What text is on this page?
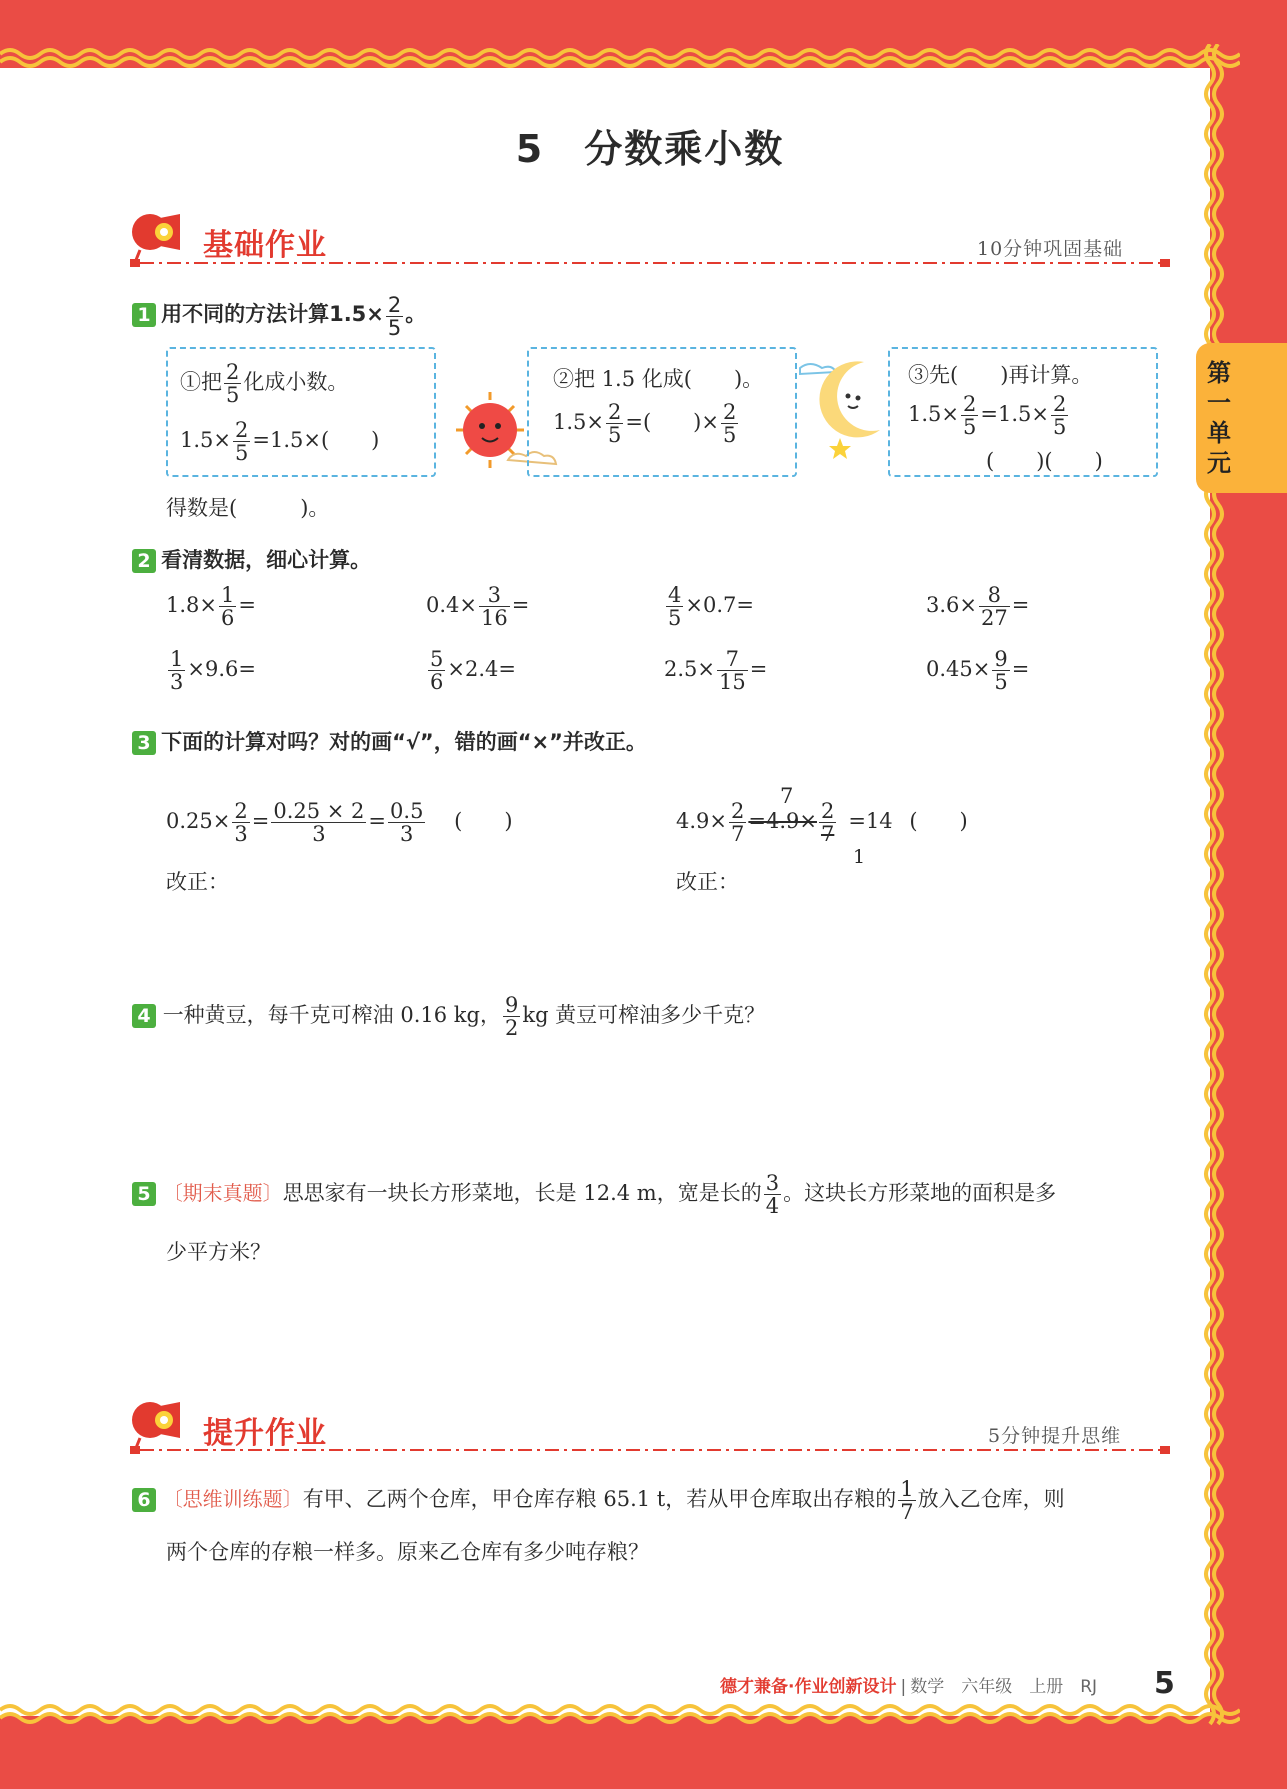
第
一
单
元
5　分数乘小数
基础作业	10分钟巩固基础
1 用不同的方法计算$1.5\times \frac{2}{5}$ 。
①把 $\frac{2}{5}$ 化成小数。
$1.5\times \frac{2}{5} =1.5\times$(　　)
②把 1.5 化成(　　)。
$1.5\times \frac{2}{5}$ =(　　)× $\frac{2}{5}$
③先(　　)再计算。
$1.5\times \frac{2}{5} =1.5\times \frac{2}{5}$
(　　)(　　)
得数是(　　　)。
2 看清数据，细心计算。
$1.8\times \frac{1}{6}$ =	$0.4\times \frac{3}{16}$ =	$\frac{4}{5} \times 0.7=$	$3.6\times \frac{8}{27}$ =
$\frac{1}{3} \times 9.6=$	$\frac{5}{6} \times 2.4=$	$2.5\times \frac{7}{15}$ =	$0.45\times \frac{9}{5}$ =
3 下面的计算对吗？对的画“√”，错的画“×”并改正。
$0.25\times \frac{2}{3} = \frac{0.25 \times 2}{3} = \frac{0.5}{3}$ (　　)
改正：
7
$4.9\times \frac{2}{7} =4.9\times \frac{2}{7} =14$ (　　)
1
改正：
4 一种黄豆，每千克可榨油 0.16 kg， $\frac{9}{2}$ kg 黄豆可榨油多少千克？
5 〔期末真题〕思思家有一块长方形菜地，长是 12.4 m，宽是长的 $\frac{3}{4}$ 。这块长方形菜地的面积是多
少平方米？
提升作业	5分钟提升思维
6 〔思维训练题〕有甲、乙两个仓库，甲仓库存粮 65.1 t，若从甲仓库取出存粮的 $\frac{1}{7}$ 放入乙仓库，则
两个仓库的存粮一样多。原来乙仓库有多少吨存粮？
德才兼备·作业创新设计 | 数学　六年级　上册　RJ 5
